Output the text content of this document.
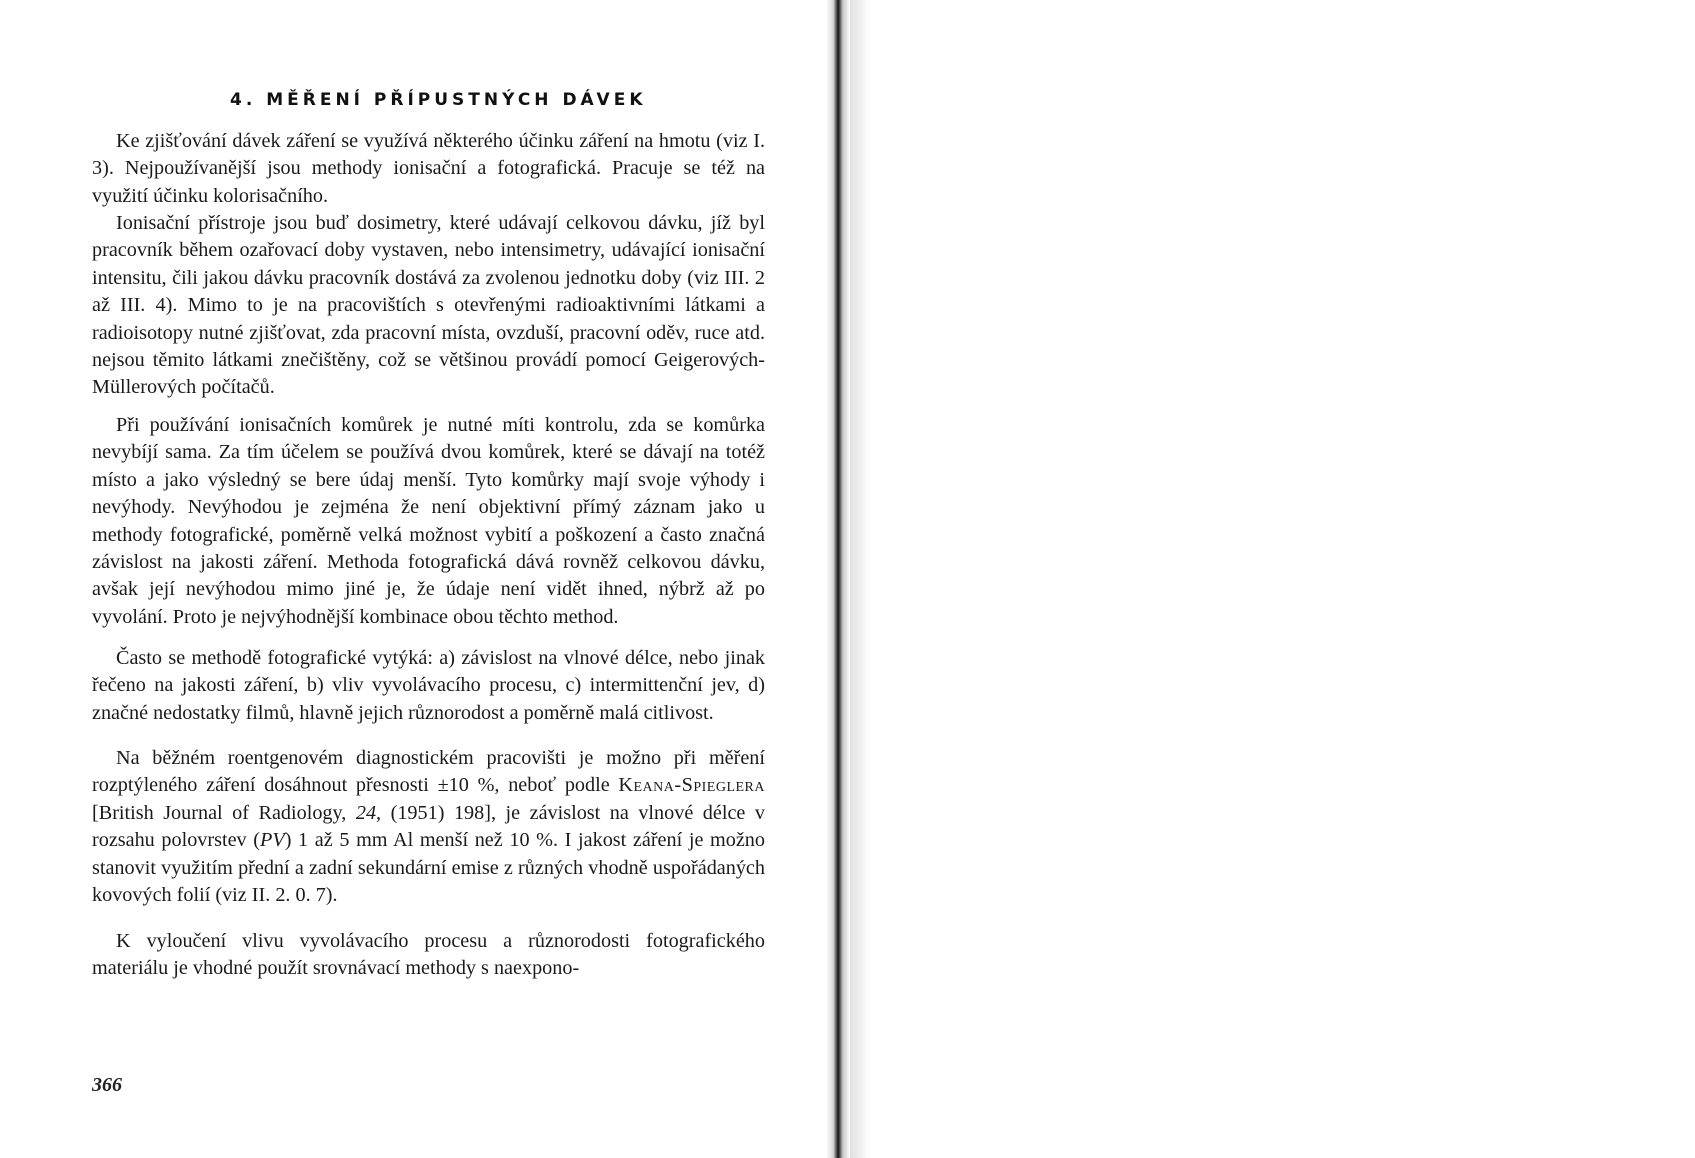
4. MĚŘENÍ PŘÍPUSTNÝCH DÁVEK

Ke zjišťování dávek záření se využívá některého účinku záření na hmotu (viz I. 3). Nejpoužívanější jsou methody ionisační a fotografická. Pracuje se též na využití účinku kolorisačního.

Ionisační přístroje jsou buď dosimetry, které udávají celkovou dávku, jíž byl pracovník během ozařovací doby vystaven, nebo intensimetry, udávající ionisační intensitu, čili jakou dávku pracovník dostává za zvolenou jednotku doby (viz III. 2 až III. 4). Mimo to je na pracovištích s otevřenými radioaktivními látkami a radioisotopy nutné zjišťovat, zda pracovní místa, ovzduší, pracovní oděv, ruce atd. nejsou těmito látkami znečištěny, což se většinou provádí pomocí Geigerových-Müllerových počítačů.

Při používání ionisačních komůrek je nutné míti kontrolu, zda se komůrka nevybíjí sama. Za tím účelem se používá dvou komůrek, které se dávají na totéž místo a jako výsledný se bere údaj menší. Tyto komůrky mají svoje výhody i nevýhody. Nevýhodou je zejména že není objektivní přímý záznam jako u methody fotografické, poměrně velká možnost vybití a poškození a často značná závislost na jakosti záření. Methoda fotografická dává rovněž celkovou dávku, avšak její nevýhodou mimo jiné je, že údaje není vidět ihned, nýbrž až po vyvolání. Proto je nejvýhodnější kombinace obou těchto method.

Často se methodě fotografické vytýká: a) závislost na vlnové délce, nebo jinak řečeno na jakosti záření, b) vliv vyvolávacího procesu, c) intermittenční jev, d) značné nedostatky filmů, hlavně jejich různorodost a poměrně malá citlivost.

Na běžném roentgenovém diagnostickém pracovišti je možno při měření rozptýleného záření dosáhnout přesnosti ±10 %, neboť podle Keana-Spieglera [British Journal of Radiology, 24, (1951) 198], je závislost na vlnové délce v rozsahu polovrstev (PV) 1 až 5 mm Al menší než 10 %. I jakost záření je možno stanovit využitím přední a zadní sekundární emise z různých vhodně uspořádaných kovových folií (viz II. 2. 0. 7).

K vyloučení vlivu vyvolávacího procesu a různorodosti fotografického materiálu je vhodné použít srovnávací methody s naexpono-

366
